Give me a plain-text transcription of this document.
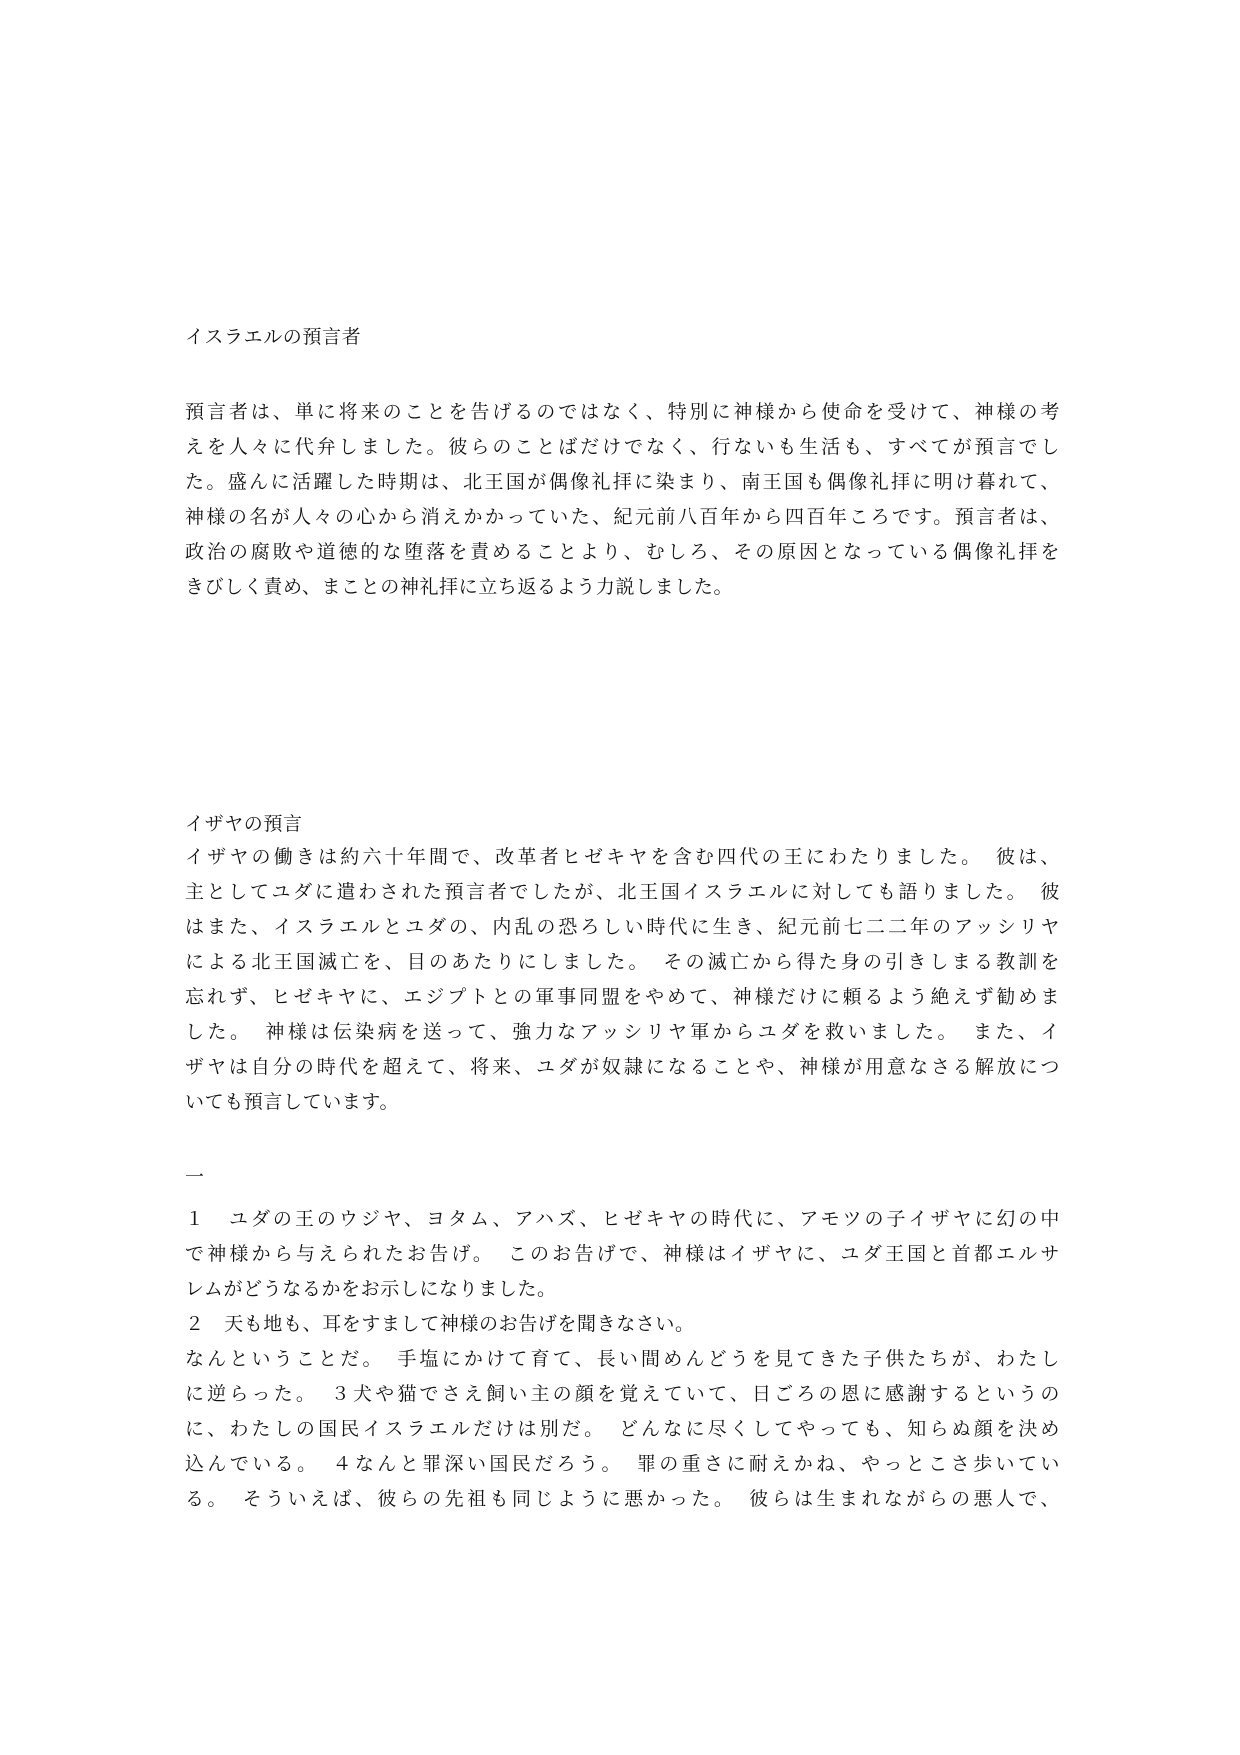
イスラエルの預言者
預言者は、単に将来のことを告げるのではなく、特別に神様から使命を受けて、神様の考
えを人々に代弁しました。彼らのことばだけでなく、行ないも生活も、すべてが預言でし
た。盛んに活躍した時期は、北王国が偶像礼拝に染まり、南王国も偶像礼拝に明け暮れて、
神様の名が人々の心から消えかかっていた、紀元前八百年から四百年ころです。預言者は、
政治の腐敗や道徳的な堕落を責めることより、むしろ、その原因となっている偶像礼拝を
きびしく責め、まことの神礼拝に立ち返るよう力説しました。
イザヤの預言
イザヤの働きは約六十年間で、改革者ヒゼキヤを含む四代の王にわたりました。　彼は、
主としてユダに遣わされた預言者でしたが、北王国イスラエルに対しても語りました。　彼
はまた、イスラエルとユダの、内乱の恐ろしい時代に生き、紀元前七二二年のアッシリヤ
による北王国滅亡を、目のあたりにしました。　その滅亡から得た身の引きしまる教訓を
忘れず、ヒゼキヤに、エジプトとの軍事同盟をやめて、神様だけに頼るよう絶えず勧めま
した。　神様は伝染病を送って、強力なアッシリヤ軍からユダを救いました。　また、イ
ザヤは自分の時代を超えて、将来、ユダが奴隷になることや、神様が用意なさる解放につ
いても預言しています。
一
１　ユダの王のウジヤ、ヨタム、アハズ、ヒゼキヤの時代に、アモツの子イザヤに幻の中
で神様から与えられたお告げ。　このお告げで、神様はイザヤに、ユダ王国と首都エルサ
レムがどうなるかをお示しになりました。
２　天も地も、耳をすまして神様のお告げを聞きなさい。
なんということだ。　手塩にかけて育て、長い間めんどうを見てきた子供たちが、わたし
に逆らった。　３犬や猫でさえ飼い主の顔を覚えていて、日ごろの恩に感謝するというの
に、わたしの国民イスラエルだけは別だ。　どんなに尽くしてやっても、知らぬ顔を決め
込んでいる。　４なんと罪深い国民だろう。　罪の重さに耐えかね、やっとこさ歩いてい
る。　そういえば、彼らの先祖も同じように悪かった。　彼らは生まれながらの悪人で、
